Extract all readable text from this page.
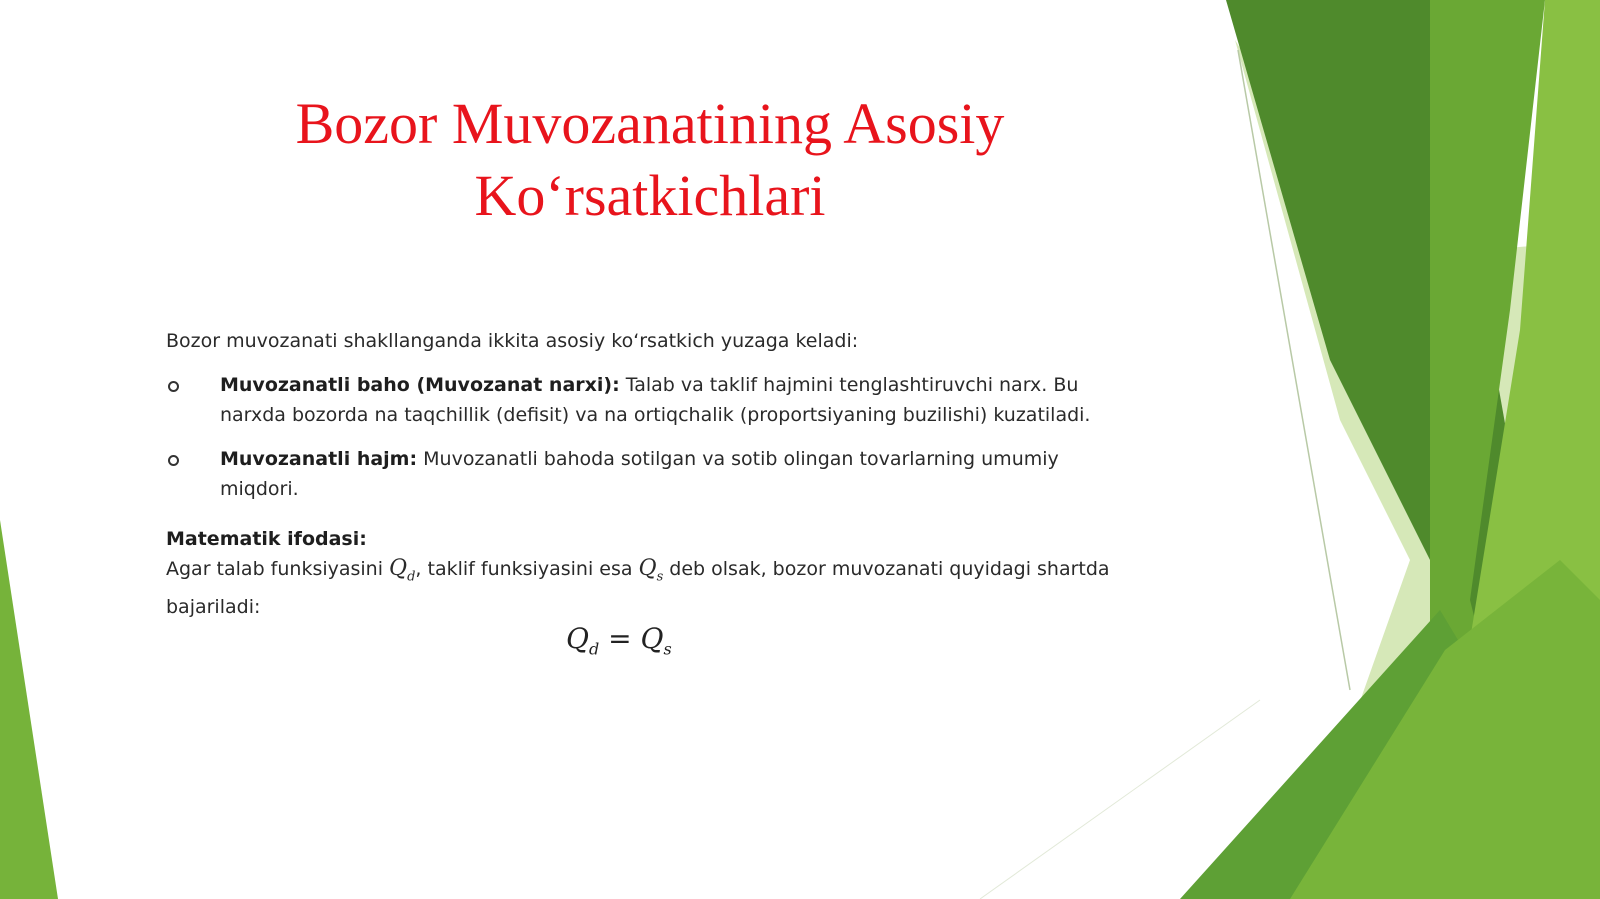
Bozor Muvozanatining Asosiy
Ko‘rsatkichlari

Bozor muvozanati shakllanganda ikkita asosiy ko‘rsatkich yuzaga keladi:

Muvozanatli baho (Muvozanat narxi): Talab va taklif hajmini tenglashtiruvchi narx. Bu narxda bozorda na taqchillik (defisit) va na ortiqchalik (proportsiyaning buzilishi) kuzatiladi.
Muvozanatli hajm: Muvozanatli bahoda sotilgan va sotib olingan tovarlarning umumiy miqdori.
Matematik ifodasi:
Agar talab funksiyasini $Q_d$, taklif funksiyasini esa $Q_s$ deb olsak, bozor muvozanati quyidagi shartda bajariladi:
$Q_d = Q_s$
